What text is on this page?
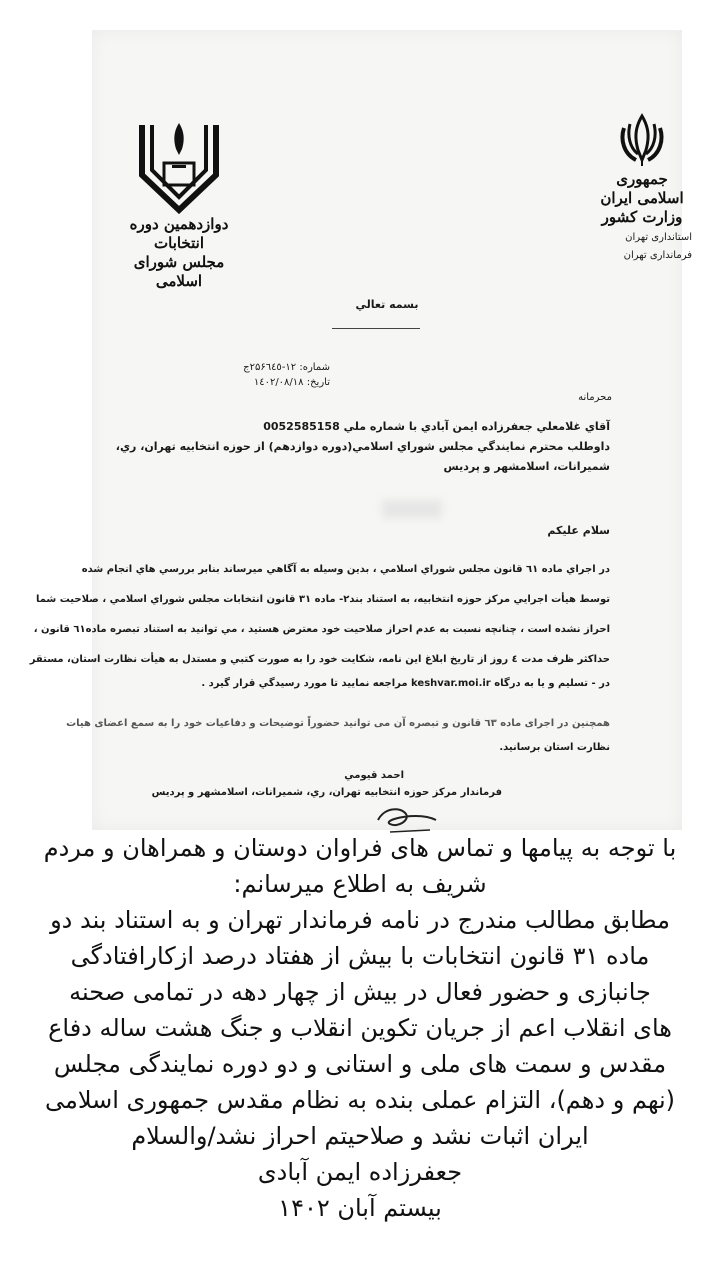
جمهوری اسلامی ایران
وزارت کشور
استانداری تهران
فرمانداری تهران
دوازدهمین دوره انتخابات
مجلس شورای اسلامی
بسمه تعالي
شماره: ۱۲-۲۵۶٦٤٥ج
تاریخ: ۱٤۰۲/۰۸/۱۸
محرمانه
آقاي غلامعلي جعفرزاده ايمن آبادي با شماره ملي 0052585158
داوطلب محترم نمايندگي مجلس شوراي اسلامي(دوره دوازدهم) از حوزه انتخابيه تهران، ري،
شميرانات، اسلامشهر و پرديس
سلام عليكم
در اجراي ماده ٦١ قانون مجلس شوراي اسلامي ، بدين وسيله به آگاهي ميرساند بنابر بررسي هاي انجام شده
توسط هيأت اجرايي مركز حوزه انتخابيه، به استناد بند٢- ماده ٣١ قانون انتخابات مجلس شوراي اسلامي ، صلاحيت شما
احراز نشده است ، چنانچه نسبت به عدم احراز صلاحيت خود معترض هستيد ، مي توانيد به استناد تبصره ماده٦١ قانون ،
حداكثر ظرف مدت ٤ روز از تاريخ ابلاغ اين نامه، شكايت خود را به صورت كتبي و مستدل به هيأت نظارت استان، مستقر
در - تسليم و يا به درگاه keshvar.moi.ir مراجعه نماييد تا مورد رسيدگي قرار گيرد .
همچنین در اجرای ماده ٦٣ قانون و تبصره آن می توانید حضوراً توضیحات و دفاعیات خود را به سمع اعضای هیات
نظارت استان برسانيد.
احمد قيومي
فرماندار مركز حوزه انتخابيه تهران، ري، شميرانات، اسلامشهر و پرديس
با توجه به پیامها و تماس های فراوان دوستان و همراهان و مردم
شریف به اطلاع میرسانم:
مطابق مطالب مندرج در نامه فرماندار تهران و به استناد بند دو
ماده ۳۱ قانون انتخابات با بیش از هفتاد درصد ازکارافتادگی
جانبازی و حضور فعال در بیش از چهار دهه در تمامی صحنه
های انقلاب اعم از جریان تکوین انقلاب و جنگ هشت ساله دفاع
مقدس و سمت های ملی و استانی و دو دوره نمایندگی مجلس
(نهم و دهم)، التزام عملی بنده به نظام مقدس جمهوری اسلامی
ایران اثبات نشد و صلاحیتم احراز نشد/والسلام
جعفرزاده ایمن آبادی
بیستم آبان ۱۴۰۲
